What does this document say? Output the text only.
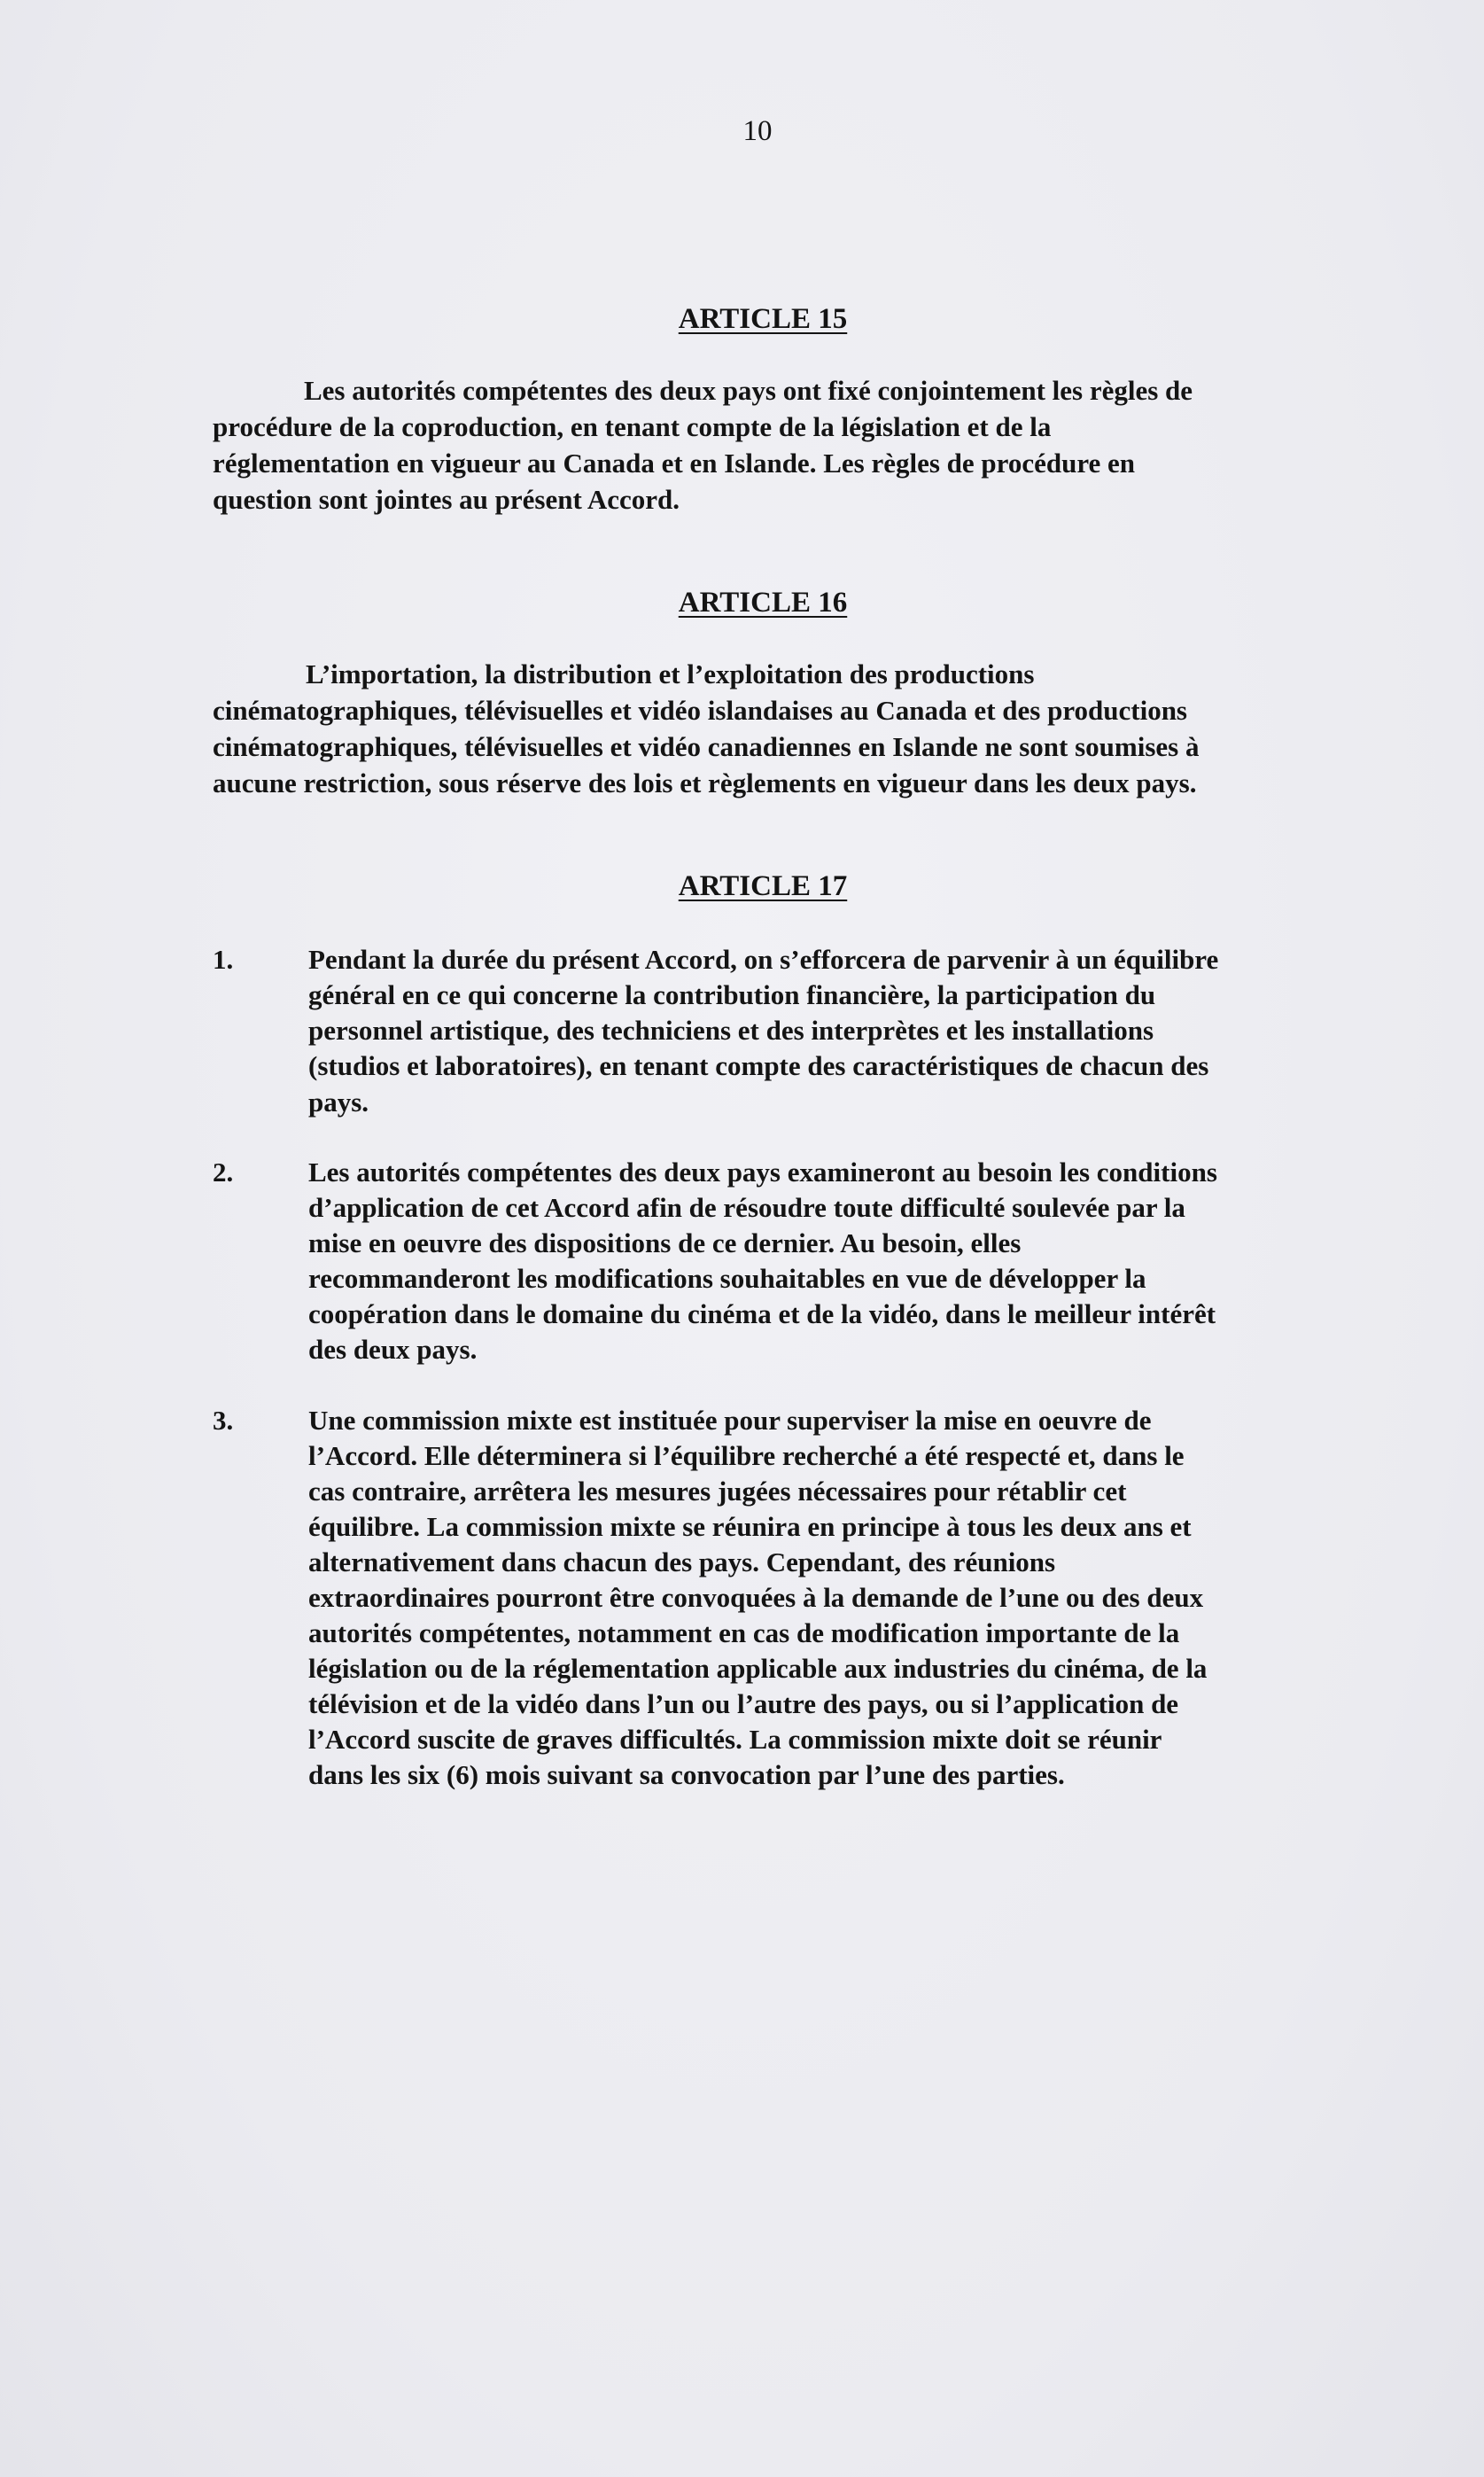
10
ARTICLE 15
Les autorités compétentes des deux pays ont fixé conjointement les règles de
procédure de la coproduction, en tenant compte de la législation et de la
réglementation en vigueur au Canada et en Islande. Les règles de procédure en
question sont jointes au présent Accord.
ARTICLE 16
L’importation, la distribution et l’exploitation des productions
cinématographiques, télévisuelles et vidéo islandaises au Canada et des productions
cinématographiques, télévisuelles et vidéo canadiennes en Islande ne sont soumises à
aucune restriction, sous réserve des lois et règlements en vigueur dans les deux pays.
ARTICLE 17
1.	Pendant la durée du présent Accord, on s’efforcera de parvenir à un équilibre
général en ce qui concerne la contribution financière, la participation du
personnel artistique, des techniciens et des interprètes et les installations
(studios et laboratoires), en tenant compte des caractéristiques de chacun des
pays.
2.	Les autorités compétentes des deux pays examineront au besoin les conditions
d’application de cet Accord afin de résoudre toute difficulté soulevée par la
mise en oeuvre des dispositions de ce dernier. Au besoin, elles
recommanderont les modifications souhaitables en vue de développer la
coopération dans le domaine du cinéma et de la vidéo, dans le meilleur intérêt
des deux pays.
3.	Une commission mixte est instituée pour superviser la mise en oeuvre de
l’Accord. Elle déterminera si l’équilibre recherché a été respecté et, dans le
cas contraire, arrêtera les mesures jugées nécessaires pour rétablir cet
équilibre. La commission mixte se réunira en principe à tous les deux ans et
alternativement dans chacun des pays. Cependant, des réunions
extraordinaires pourront être convoquées à la demande de l’une ou des deux
autorités compétentes, notamment en cas de modification importante de la
législation ou de la réglementation applicable aux industries du cinéma, de la
télévision et de la vidéo dans l’un ou l’autre des pays, ou si l’application de
l’Accord suscite de graves difficultés. La commission mixte doit se réunir
dans les six (6) mois suivant sa convocation par l’une des parties.
